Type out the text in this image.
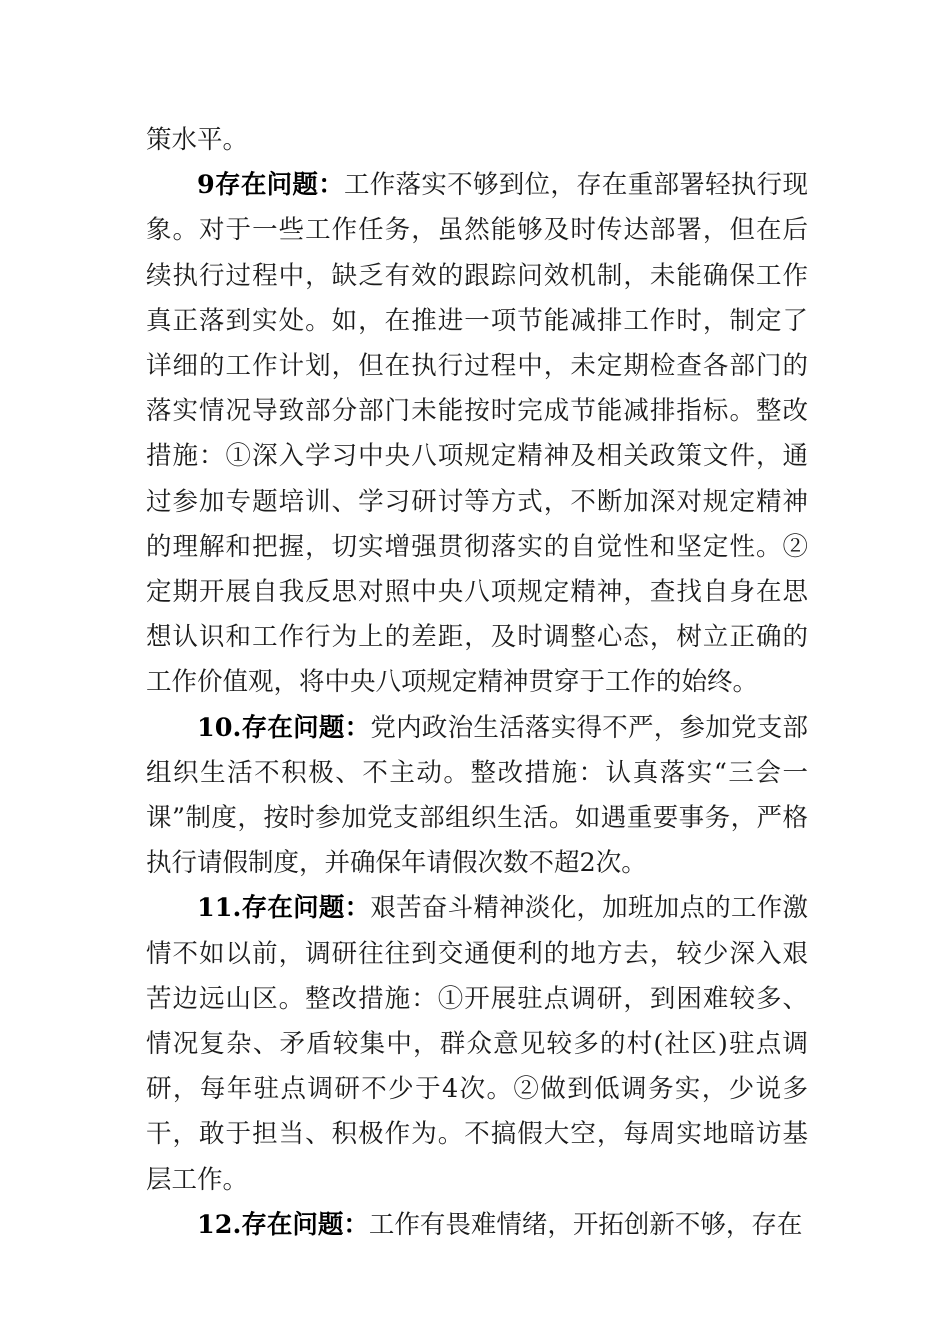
策水平。

9存在问题：工作落实不够到位，存在重部署轻执行现象。对于一些工作任务，虽然能够及时传达部署，但在后续执行过程中，缺乏有效的跟踪问效机制，未能确保工作真正落到实处。如，在推进一项节能减排工作时，制定了详细的工作计划，但在执行过程中，未定期检查各部门的落实情况导致部分部门未能按时完成节能减排指标。整改措施：①深入学习中央八项规定精神及相关政策文件，通过参加专题培训、学习研讨等方式，不断加深对规定精神的理解和把握，切实增强贯彻落实的自觉性和坚定性。②定期开展自我反思对照中央八项规定精神，查找自身在思想认识和工作行为上的差距，及时调整心态，树立正确的工作价值观，将中央八项规定精神贯穿于工作的始终。

10.存在问题：党内政治生活落实得不严，参加党支部组织生活不积极、不主动。整改措施：认真落实“三会一课”制度，按时参加党支部组织生活。如遇重要事务，严格执行请假制度，并确保年请假次数不超2次。

11.存在问题：艰苦奋斗精神淡化，加班加点的工作激情不如以前，调研往往到交通便利的地方去，较少深入艰苦边远山区。整改措施：①开展驻点调研，到困难较多、情况复杂、矛盾较集中，群众意见较多的村(社区)驻点调研，每年驻点调研不少于4次。②做到低调务实，少说多干，敢于担当、积极作为。不搞假大空，每周实地暗访基层工作。

12.存在问题：工作有畏难情绪，开拓创新不够，存在
